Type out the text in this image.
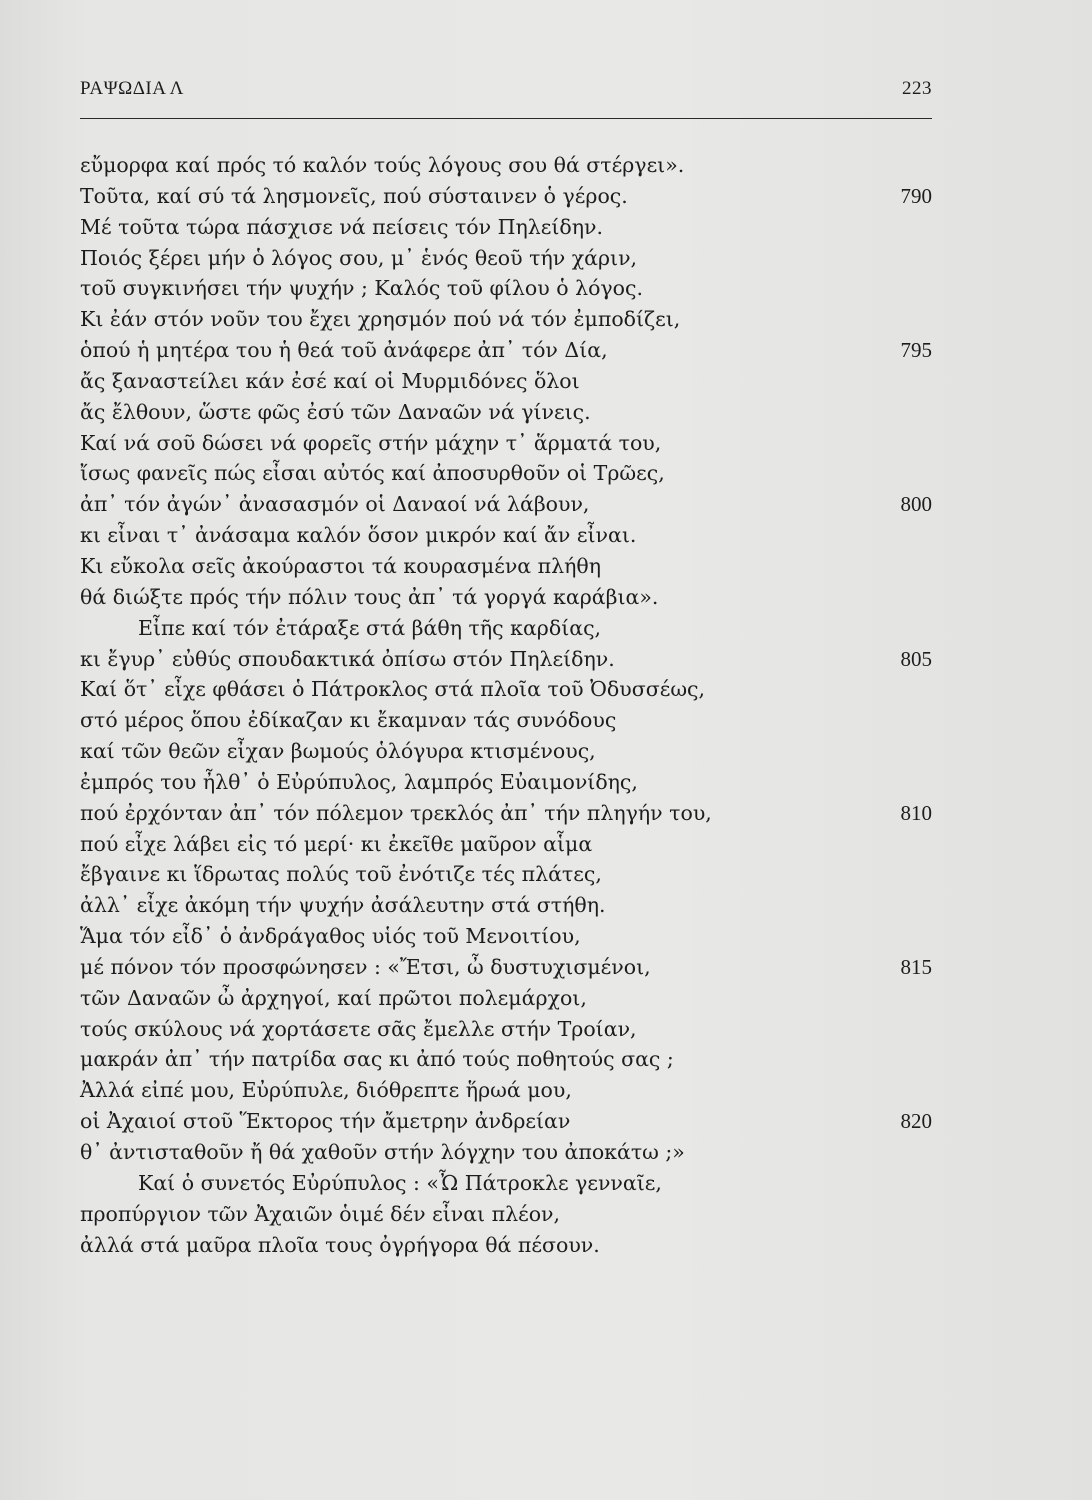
ΡΑΨΩΔΙΑ Λ	223
εὔμορφα καί πρός τό καλόν τούς λόγους σου θά στέργει».
Τοῦτα, καί σύ τά λησμονεῖς, πού σύσταινεν ὁ γέρος.	790
Μέ τοῦτα τώρα πάσχισε νά πείσεις τόν Πηλείδην.
Ποιός ξέρει μήν ὁ λόγος σου, μ᾿ ἑνός θεοῦ τήν χάριν,
τοῦ συγκινήσει τήν ψυχήν ; Καλός τοῦ φίλου ὁ λόγος.
Κι ἐάν στόν νοῦν του ἔχει χρησμόν πού νά τόν ἐμποδίζει,
ὁπού ἡ μητέρα του ἡ θεά τοῦ ἀνάφερε ἀπ᾿ τόν Δία,	795
ἄς ξαναστείλει κάν ἐσέ καί οἱ Μυρμιδόνες ὅλοι
ἄς ἔλθουν, ὥστε φῶς ἐσύ τῶν Δαναῶν νά γίνεις.
Καί νά σοῦ δώσει νά φορεῖς στήν μάχην τ᾿ ἅρματά του,
ἴσως φανεῖς πώς εἶσαι αὐτός καί ἀποσυρθοῦν οἱ Τρῶες,
ἀπ᾿ τόν ἀγών᾿ ἀνασασμόν οἱ Δαναοί νά λάβουν,	800
κι εἶναι τ᾿ ἀνάσαμα καλόν ὅσον μικρόν καί ἄν εἶναι.
Κι εὔκολα σεῖς ἀκούραστοι τά κουρασμένα πλήθη
θά διώξτε πρός τήν πόλιν τους ἀπ᾿ τά γοργά καράβια».
Εἶπε καί τόν ἐτάραξε στά βάθη τῆς καρδίας,
κι ἔγυρ᾿ εὐθύς σπουδακτικά ὀπίσω στόν Πηλείδην.	805
Καί ὅτ᾿ εἶχε φθάσει ὁ Πάτροκλος στά πλοῖα τοῦ Ὀδυσσέως,
στό μέρος ὅπου ἐδίκαζαν κι ἔκαμναν τάς συνόδους
καί τῶν θεῶν εἶχαν βωμούς ὁλόγυρα κτισμένους,
ἐμπρός του ἦλθ᾿ ὁ Εὐρύπυλος, λαμπρός Εὐαιμονίδης,
πού ἐρχόνταν ἀπ᾿ τόν πόλεμον τρεκλός ἀπ᾿ τήν πληγήν του,	810
πού εἶχε λάβει εἰς τό μερί· κι ἐκεῖθε μαῦρον αἷμα
ἔβγαινε κι ἵδρωτας πολύς τοῦ ἐνότιζε τές πλάτες,
ἀλλ᾿ εἶχε ἀκόμη τήν ψυχήν ἀσάλευτην στά στήθη.
Ἅμα τόν εἶδ᾿ ὁ ἀνδράγαθος υἱός τοῦ Μενοιτίου,
μέ πόνον τόν προσφώνησεν : «Ἔτσι, ὦ δυστυχισμένοι,	815
τῶν Δαναῶν ὦ ἀρχηγοί, καί πρῶτοι πολεμάρχοι,
τούς σκύλους νά χορτάσετε σᾶς ἔμελλε στήν Τροίαν,
μακράν ἀπ᾿ τήν πατρίδα σας κι ἀπό τούς ποθητούς σας ;
Ἀλλά εἰπέ μου, Εὐρύπυλε, διόθρεπτε ἥρωά μου,
οἱ Ἀχαιοί στοῦ Ἕκτορος τήν ἄμετρην ἀνδρείαν	820
θ᾿ ἀντισταθοῦν ἤ θά χαθοῦν στήν λόγχην του ἀποκάτω ;»
Καί ὁ συνετός Εὐρύπυλος : «Ὦ Πάτροκλε γενναῖε,
προπύργιον τῶν Ἀχαιῶν ὁιμέ δέν εἶναι πλέον,
ἀλλά στά μαῦρα πλοῖα τους ὀγρήγορα θά πέσουν.
